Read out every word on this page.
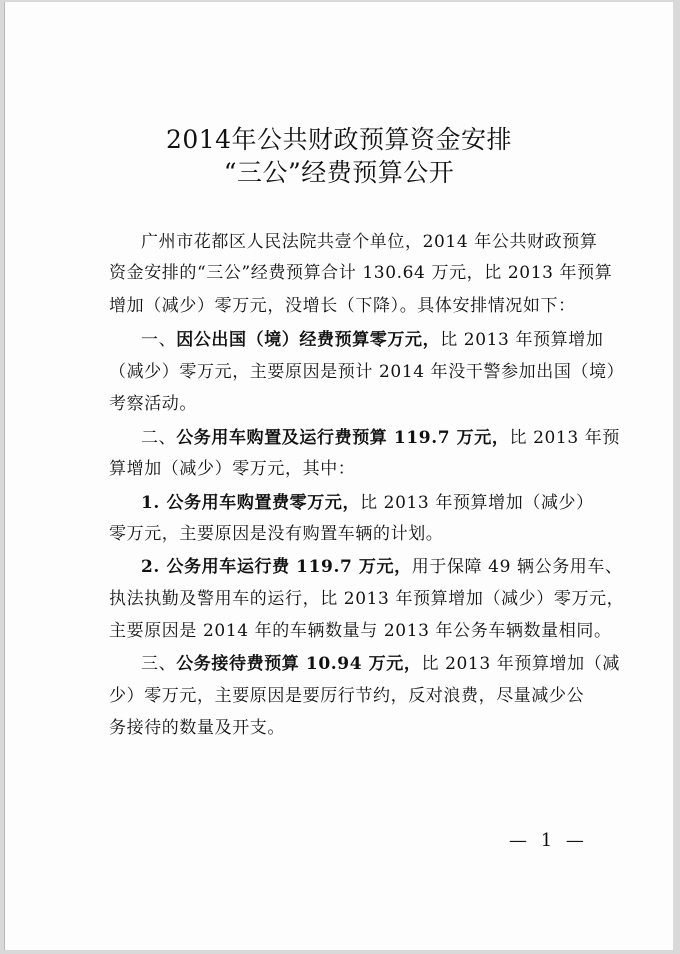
2014年公共财政预算资金安排
“三公”经费预算公开
广州市花都区人民法院共壹个单位，2014 年公共财政预算
资金安排的“三公”经费预算合计 130.64 万元，比 2013 年预算
增加（减少）零万元，没增长（下降）。具体安排情况如下：
一、因公出国（境）经费预算零万元，比 2013 年预算增加
（减少）零万元，主要原因是预计 2014 年没干警参加出国（境）
考察活动。
二、公务用车购置及运行费预算 119.7 万元，比 2013 年预
算增加（减少）零万元，其中：
1. 公务用车购置费零万元，比 2013 年预算增加（减少）
零万元，主要原因是没有购置车辆的计划。
2. 公务用车运行费 119.7 万元，用于保障 49 辆公务用车、
执法执勤及警用车的运行，比 2013 年预算增加（减少）零万元，
主要原因是 2014 年的车辆数量与 2013 年公务车辆数量相同。
三、公务接待费预算 10.94 万元，比 2013 年预算增加（减
少）零万元，主要原因是要厉行节约，反对浪费，尽量减少公
务接待的数量及开支。
— 1 —
